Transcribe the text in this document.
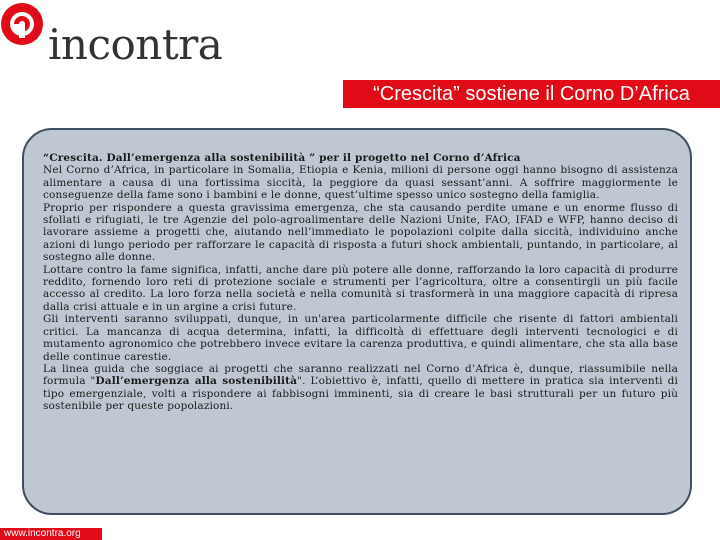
incontra
“Crescita” sostiene il Corno D’Africa

“Crescita. Dall’emergenza alla sostenibilità ” per il progetto nel Corno d’Africa

Nel Corno d’Africa, in particolare in Somalia, Etiopia e Kenia, milioni di persone oggi hanno bisogno di assistenza alimentare a causa di una fortissima siccità, la peggiore da quasi sessant’anni. A soffrire maggiormente le conseguenze della fame sono i bambini e le donne, quest’ultime spesso unico sostegno della famiglia.

Proprio per rispondere a questa gravissima emergenza, che sta causando perdite umane e un enorme flusso di sfollati e rifugiati, le tre Agenzie del polo-agroalimentare delle Nazioni Unite, FAO, IFAD e WFP, hanno deciso di lavorare assieme a progetti che, aiutando nell’immediato le popolazioni colpite dalla siccità, individuino anche azioni di lungo periodo per rafforzare le capacità di risposta a futuri shock ambientali, puntando, in particolare, al sostegno alle donne.

Lottare contro la fame significa, infatti, anche dare più potere alle donne, rafforzando la loro capacità di produrre reddito, fornendo loro reti di protezione sociale e strumenti per l’agricoltura, oltre a consentirgli un più facile accesso al credito. La loro forza nella società e nella comunità si trasformerà in una maggiore capacità di ripresa dalla crisi attuale e in un argine a crisi future.

Gli interventi saranno sviluppati, dunque, in un'area particolarmente difficile che risente di fattori ambientali critici. La mancanza di acqua determina, infatti, la difficoltà di effettuare degli interventi tecnologici e di mutamento agronomico che potrebbero invece evitare la carenza produttiva, e quindi alimentare, che sta alla base delle continue carestie.

La linea guida che soggiace ai progetti che saranno realizzati nel Corno d’Africa è, dunque, riassumibile nella formula "Dall’emergenza alla sostenibilità". L’obiettivo è, infatti, quello di mettere in pratica sia interventi di tipo emergenziale, volti a rispondere ai fabbisogni imminenti, sia di creare le basi strutturali per un futuro più sostenibile per queste popolazioni.

www.incontra.org
